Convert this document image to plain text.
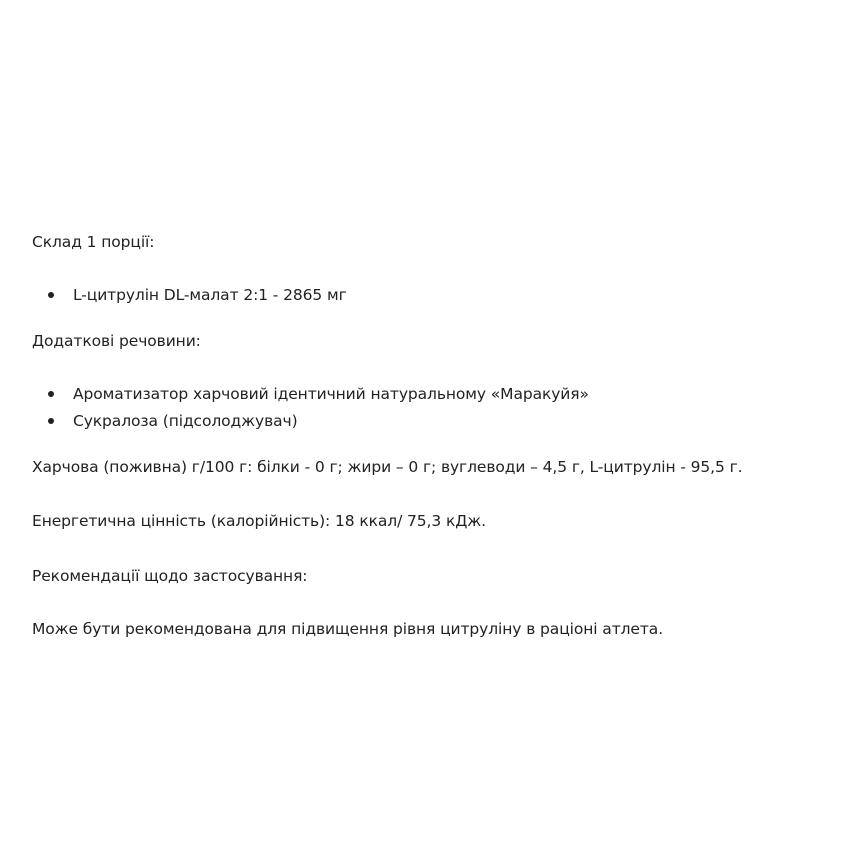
Склад 1 порції:
L-цитрулін DL-малат 2:1 - 2865 мг
Додаткові речовини:
Ароматизатор харчовий ідентичний натуральному «Маракуйя»
Сукралоза (підсолоджувач)
Харчова (поживна) г/100 г: білки - 0 г; жири – 0 г; вуглеводи – 4,5 г, L-цитрулін - 95,5 г.
Енергетична цінність (калорійність): 18 ккал/ 75,3 кДж.
Рекомендації щодо застосування:
Може бути рекомендована для підвищення рівня цитруліну в раціоні атлета.
